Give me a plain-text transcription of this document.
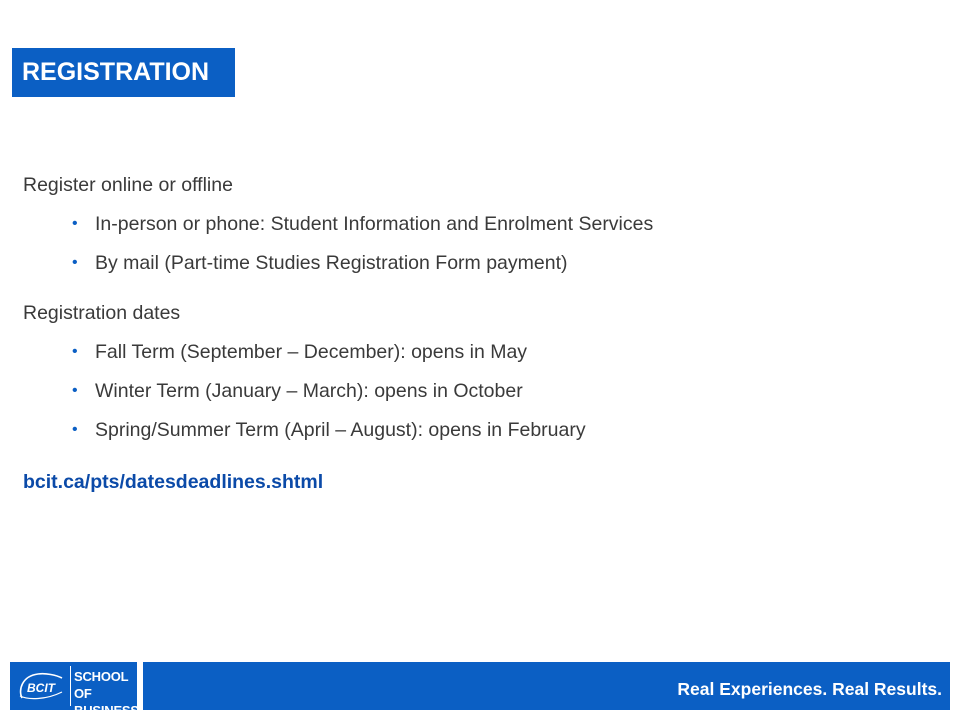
REGISTRATION

Register online or offline

• In-person or phone: Student Information and Enrolment Services
• By mail (Part-time Studies Registration Form payment)

Registration dates

• Fall Term (September – December): opens in May
• Winter Term (January – March): opens in October
• Spring/Summer Term (April – August): opens in February
bcit.ca/pts/datesdeadlines.shtml
BCIT
SCHOOL OF
BUSINESS
Real Experiences. Real Results.
